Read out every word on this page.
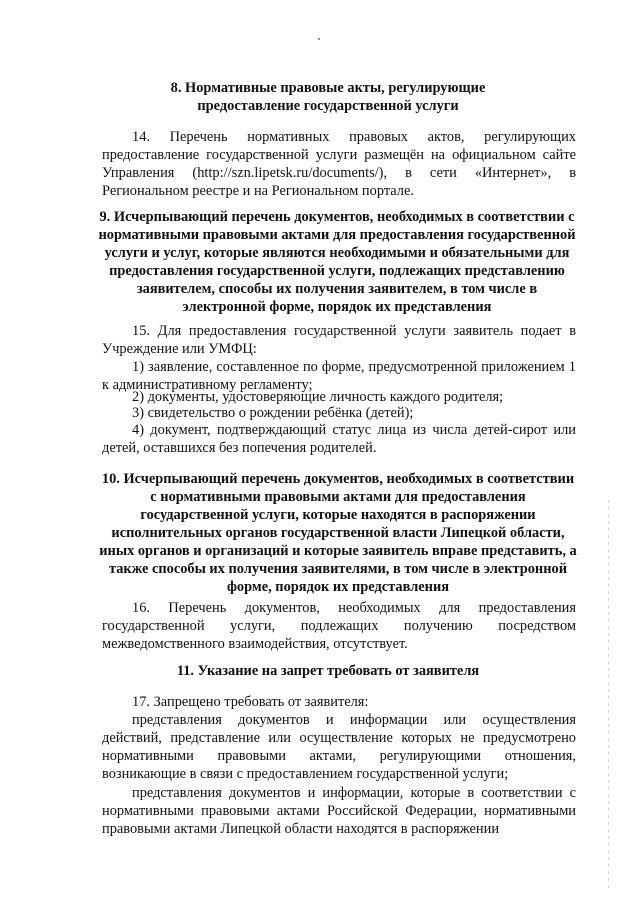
8. Нормативные правовые акты, регулирующие
предоставление государственной услуги

14. Перечень нормативных правовых актов, регулирующих предоставление государственной услуги размещён на официальном сайте Управления (http://szn.lipetsk.ru/documents/), в сети «Интернет», в Региональном реестре и на Региональном портале.

9. Исчерпывающий перечень документов, необходимых в соответствии с нормативными правовыми актами для предоставления государственной услуги и услуг, которые являются необходимыми и обязательными для предоставления государственной услуги, подлежащих представлению заявителем, способы их получения заявителем, в том числе в электронной форме, порядок их представления

15. Для предоставления государственной услуги заявитель подает в Учреждение или УМФЦ:

1) заявление, составленное по форме, предусмотренной приложением 1 к административному регламенту;

2) документы, удостоверяющие личность каждого родителя;

3) свидетельство о рождении ребёнка (детей);

4) документ, подтверждающий статус лица из числа детей-сирот или детей, оставшихся без попечения родителей.

10. Исчерпывающий перечень документов, необходимых в соответствии с нормативными правовыми актами для предоставления государственной услуги, которые находятся в распоряжении исполнительных органов государственной власти Липецкой области, иных органов и организаций и которые заявитель вправе представить, а также способы их получения заявителями, в том числе в электронной форме, порядок их представления

16. Перечень документов, необходимых для предоставления государственной услуги, подлежащих получению посредством межведомственного взаимодействия, отсутствует.

11. Указание на запрет требовать от заявителя

17. Запрещено требовать от заявителя:

представления документов и информации или осуществления действий, представление или осуществление которых не предусмотрено нормативными правовыми актами, регулирующими отношения, возникающие в связи с предоставлением государственной услуги;

представления документов и информации, которые в соответствии с нормативными правовыми актами Российской Федерации, нормативными правовыми актами Липецкой области находятся в распоряжении
